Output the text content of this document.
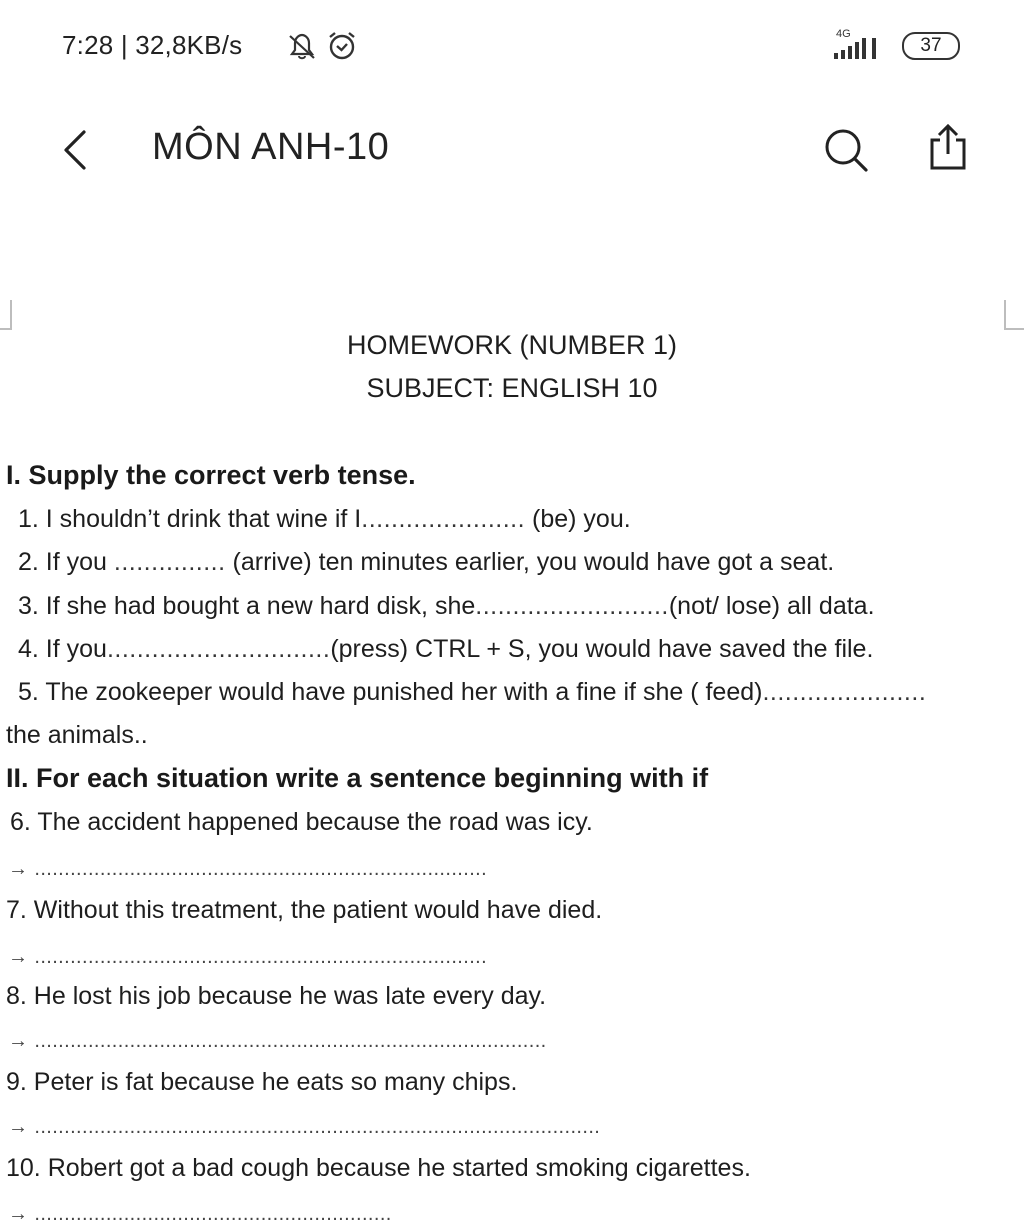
7:28 | 32,8KB/s	4G
37
MÔN ANH-10
HOMEWORK (NUMBER 1)
SUBJECT: ENGLISH 10
I. Supply the correct verb tense.
1. I shouldn’t drink that wine if I...................... (be) you.
2. If you ............... (arrive) ten minutes earlier, you would have got a seat.
3. If she had bought a new hard disk, she..........................(not/ lose) all data.
4. If you..............................(press) CTRL + S, you would have saved the file.
5. The zookeeper would have punished her with a fine if she ( feed)......................
the animals..
II. For each situation write a sentence beginning with if
6. The accident happened because the road was icy.
→ ............................................................................
7. Without this treatment, the patient would have died.
→ ............................................................................
8. He lost his job because he was late every day.
→ ......................................................................................
9. Peter is fat because he eats so many chips.
→ ...............................................................................................
10. Robert got a bad cough because he started smoking cigarettes.
→ ............................................................
